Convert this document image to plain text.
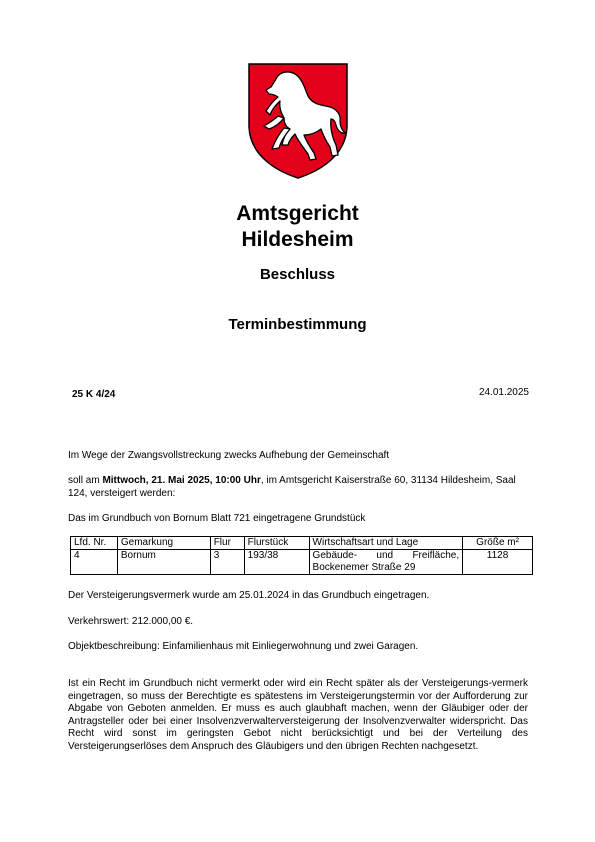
Amtsgericht
Hildesheim
Beschluss
Terminbestimmung
25 K 4/24	24.01.2025
Im Wege der Zwangsvollstreckung zwecks Aufhebung der Gemeinschaft
soll am Mittwoch, 21. Mai 2025, 10:00 Uhr, im Amtsgericht Kaiserstraße 60, 31134 Hildesheim, Saal 124, versteigert werden:
Das im Grundbuch von Bornum Blatt 721 eingetragene Grundstück
Lfd. Nr.	Gemarkung	Flur	Flurstück	Wirtschaftsart und Lage	Größe m²
4	Bornum	3	193/38	Gebäude- und Freifläche, Bockenemer Straße 29	1128
Der Versteigerungsvermerk wurde am 25.01.2024 in das Grundbuch eingetragen.
Verkehrswert: 212.000,00 €.
Objektbeschreibung: Einfamilienhaus mit Einliegerwohnung und zwei Garagen.
Ist ein Recht im Grundbuch nicht vermerkt oder wird ein Recht später als der Versteigerungs-vermerk eingetragen, so muss der Berechtigte es spätestens im Versteigerungstermin vor der Aufforderung zur Abgabe von Geboten anmelden. Er muss es auch glaubhaft machen, wenn der Gläubiger oder der Antragsteller oder bei einer Insolvenzverwalterversteigerung der Insolvenzverwalter widerspricht. Das Recht wird sonst im geringsten Gebot nicht berücksichtigt und bei der Verteilung des Versteigerungserlöses dem Anspruch des Gläubigers und den übrigen Rechten nachgesetzt.
